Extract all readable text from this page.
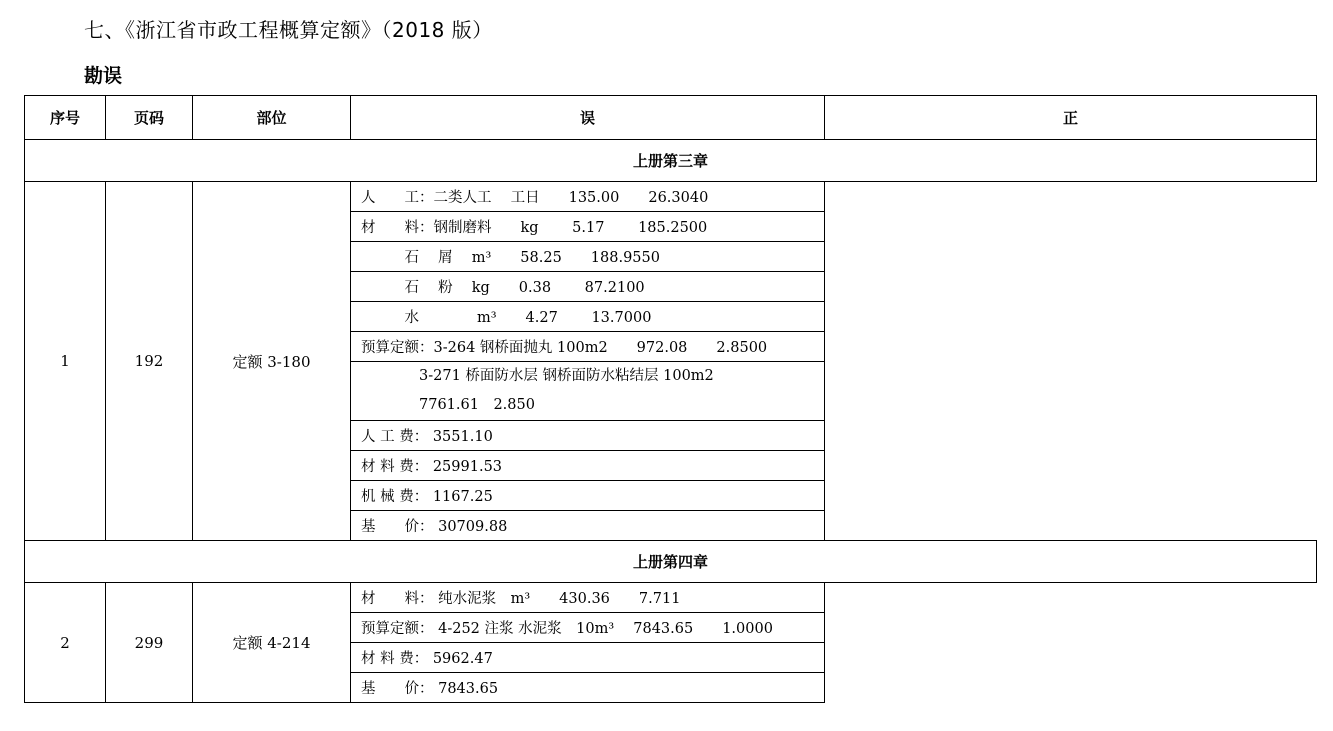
七、《浙江省市政工程概算定额》（2018 版）
勘误
序号	页码	部位	误	正
上册第三章				
1	192	定额 3-180	人　　工：二类人工　 工日　　135.00　　26.3040	
			材　　料：钢制磨料　　kg　　 5.17　　 185.2500	
			　　　石　 屑　 m³　　58.25　　188.9550	
			　　　石　 粉　 kg　　0.38　　 87.2100	
			　　　水　　　　m³　　4.27　　 13.7000	
			预算定额：3-264 钢桥面抛丸 100m2　　972.08　　2.8500	
			　　　　3-271 桥面防水层 钢桥面防水粘结层 100m2
　　　　7761.61　2.850	
			人 工 费： 3551.10	
			材 料 费： 25991.53	
			机 械 费： 1167.25	
			基　　价： 30709.88	
上册第四章				
2	299	定额 4-214	材　　料： 纯水泥浆　m³　　430.36　　7.711	
			预算定额： 4-252 注浆 水泥浆　10m³　 7843.65　　1.0000	
			材 料 费： 5962.47	
			基　　价： 7843.65	
